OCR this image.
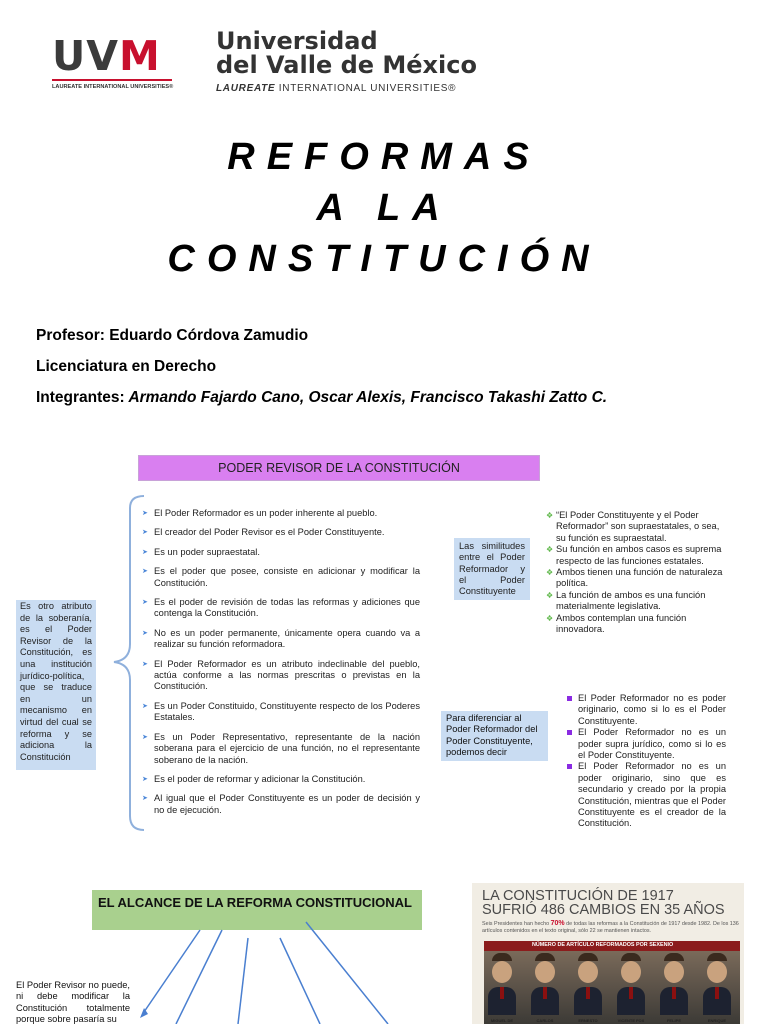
UVM
LAUREATE INTERNATIONAL UNIVERSITIES®
Universidad
del Valle de México
LAUREATE INTERNATIONAL UNIVERSITIES®
REFORMAS
A LA
CONSTITUCIÓN
Profesor: Eduardo Córdova Zamudio
Licenciatura en Derecho
Integrantes: Armando Fajardo Cano, Oscar Alexis, Francisco Takashi Zatto C.
PODER REVISOR DE LA CONSTITUCIÓN
Es otro atributo de la soberanía, es el Poder Revisor de la Constitución, es una institución jurídico-política, que se traduce en un mecanismo en virtud del cual se reforma y se adiciona la Constitución
➤ El Poder Reformador es un poder inherente al pueblo.
➤ El creador del Poder Revisor es el Poder Constituyente.
➤ Es un poder supraestatal.
➤ Es el poder que posee, consiste en adicionar y modificar la Constitución.
➤ Es el poder de revisión de todas las reformas y adiciones que contenga la Constitución.
➤ No es un poder permanente, únicamente opera cuando va a realizar su función reformadora.
➤ El Poder Reformador es un atributo indeclinable del pueblo, actúa conforme a las normas prescritas o previstas en la Constitución.
➤ Es un Poder Constituido, Constituyente respecto de los Poderes Estatales.
➤ Es un Poder Representativo, representante de la nación soberana para el ejercicio de una función, no el representante soberano de la nación.
➤ Es el poder de reformar y adicionar la Constitución.
➤ Al igual que el Poder Constituyente es un poder de decisión y no de ejecución.
Las similitudes entre el Poder Reformador y el Poder Constituyente
❖ “El Poder Constituyente y el Poder Reformador” son supraestatales, o sea, su función es supraestatal.
❖ Su función en ambos casos es suprema respecto de las funciones estatales.
❖ Ambos tienen una función de naturaleza política.
❖ La función de ambos es una función materialmente legislativa.
❖ Ambos contemplan una función innovadora.
Para diferenciar al Poder Reformador del Poder Constituyente, podemos decir
El Poder Reformador no es poder originario, como si lo es el Poder Constituyente.
El Poder Reformador no es un poder supra jurídico, como si lo es el Poder Constituyente.
El Poder Reformador no es un poder originario, sino que es secundario y creado por la propia Constitución, mientras que el Poder Constituyente es el creador de la Constitución.
EL ALCANCE DE LA REFORMA CONSTITUCIONAL
El Poder Revisor no puede, ni debe modificar la Constitución totalmente porque sobre pasaría su
LA CONSTITUCIÓN DE 1917
SUFRIÓ 486 CAMBIOS EN 35 AÑOS
Seis Presidentes han hecho 70% de todas las reformas a la Constitución de 1917 desde 1982. De los 136 artículos contenidos en el texto original, sólo 22 se mantienen intactos.
NÚMERO DE ARTÍCULO REFORMADOS POR SEXENIO
MIGUEL DE	CARLOS	ERNESTO	VICENTE FOX	FELIPE	ENRIQUE
